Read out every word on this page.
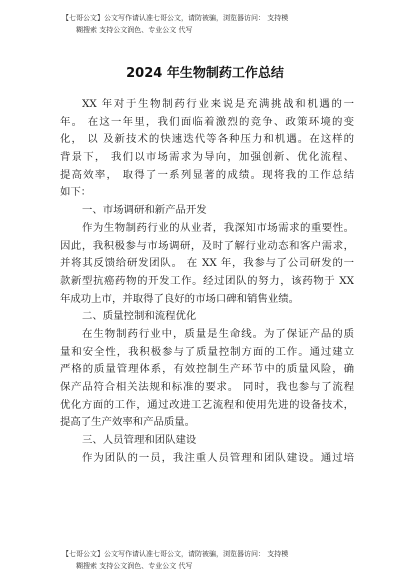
【七哥公文】公文写作请认准七哥公文，请防被骗，浏览器访问： 支持模
糊搜索 支持公文润色、专业公文 代写
2024 年生物制药工作总结
XX 年对于生物制药行业来说是充满挑战和机遇的一
年。 在这一年里，我们面临着激烈的竞争、政策环境的变
化， 以 及新技术的快速迭代等各种压力和机遇。在这样的
背景下， 我们以市场需求为导向，加强创新、优化流程、
提高效率， 取得了一系列显著的成绩。现将我的工作总结
如下：
一、市场调研和新产品开发
作为生物制药行业的从业者，我深知市场需求的重要性。
因此，我积极参与市场调研，及时了解行业动态和客户需求，
并将其反馈给研发团队。 在 XX 年，我参与了公司研发的一
款新型抗癌药物的开发工作。经过团队的努力，该药物于 XX
年成功上市，并取得了良好的市场口碑和销售业绩。
二、质量控制和流程优化
在生物制药行业中，质量是生命线。为了保证产品的质
量和安全性，我积极参与了质量控制方面的工作。通过建立
严格的质量管理体系，有效控制生产环节中的质量风险，确
保产品符合相关法规和标准的要求。 同时，我也参与了流程
优化方面的工作，通过改进工艺流程和使用先进的设备技术，
提高了生产效率和产品质量。
三、人员管理和团队建设
作为团队的一员，我注重人员管理和团队建设。通过培
【七哥公文】公文写作请认准七哥公文，请防被骗，浏览器访问： 支持模
糊搜索 支持公文润色、专业公文 代写
